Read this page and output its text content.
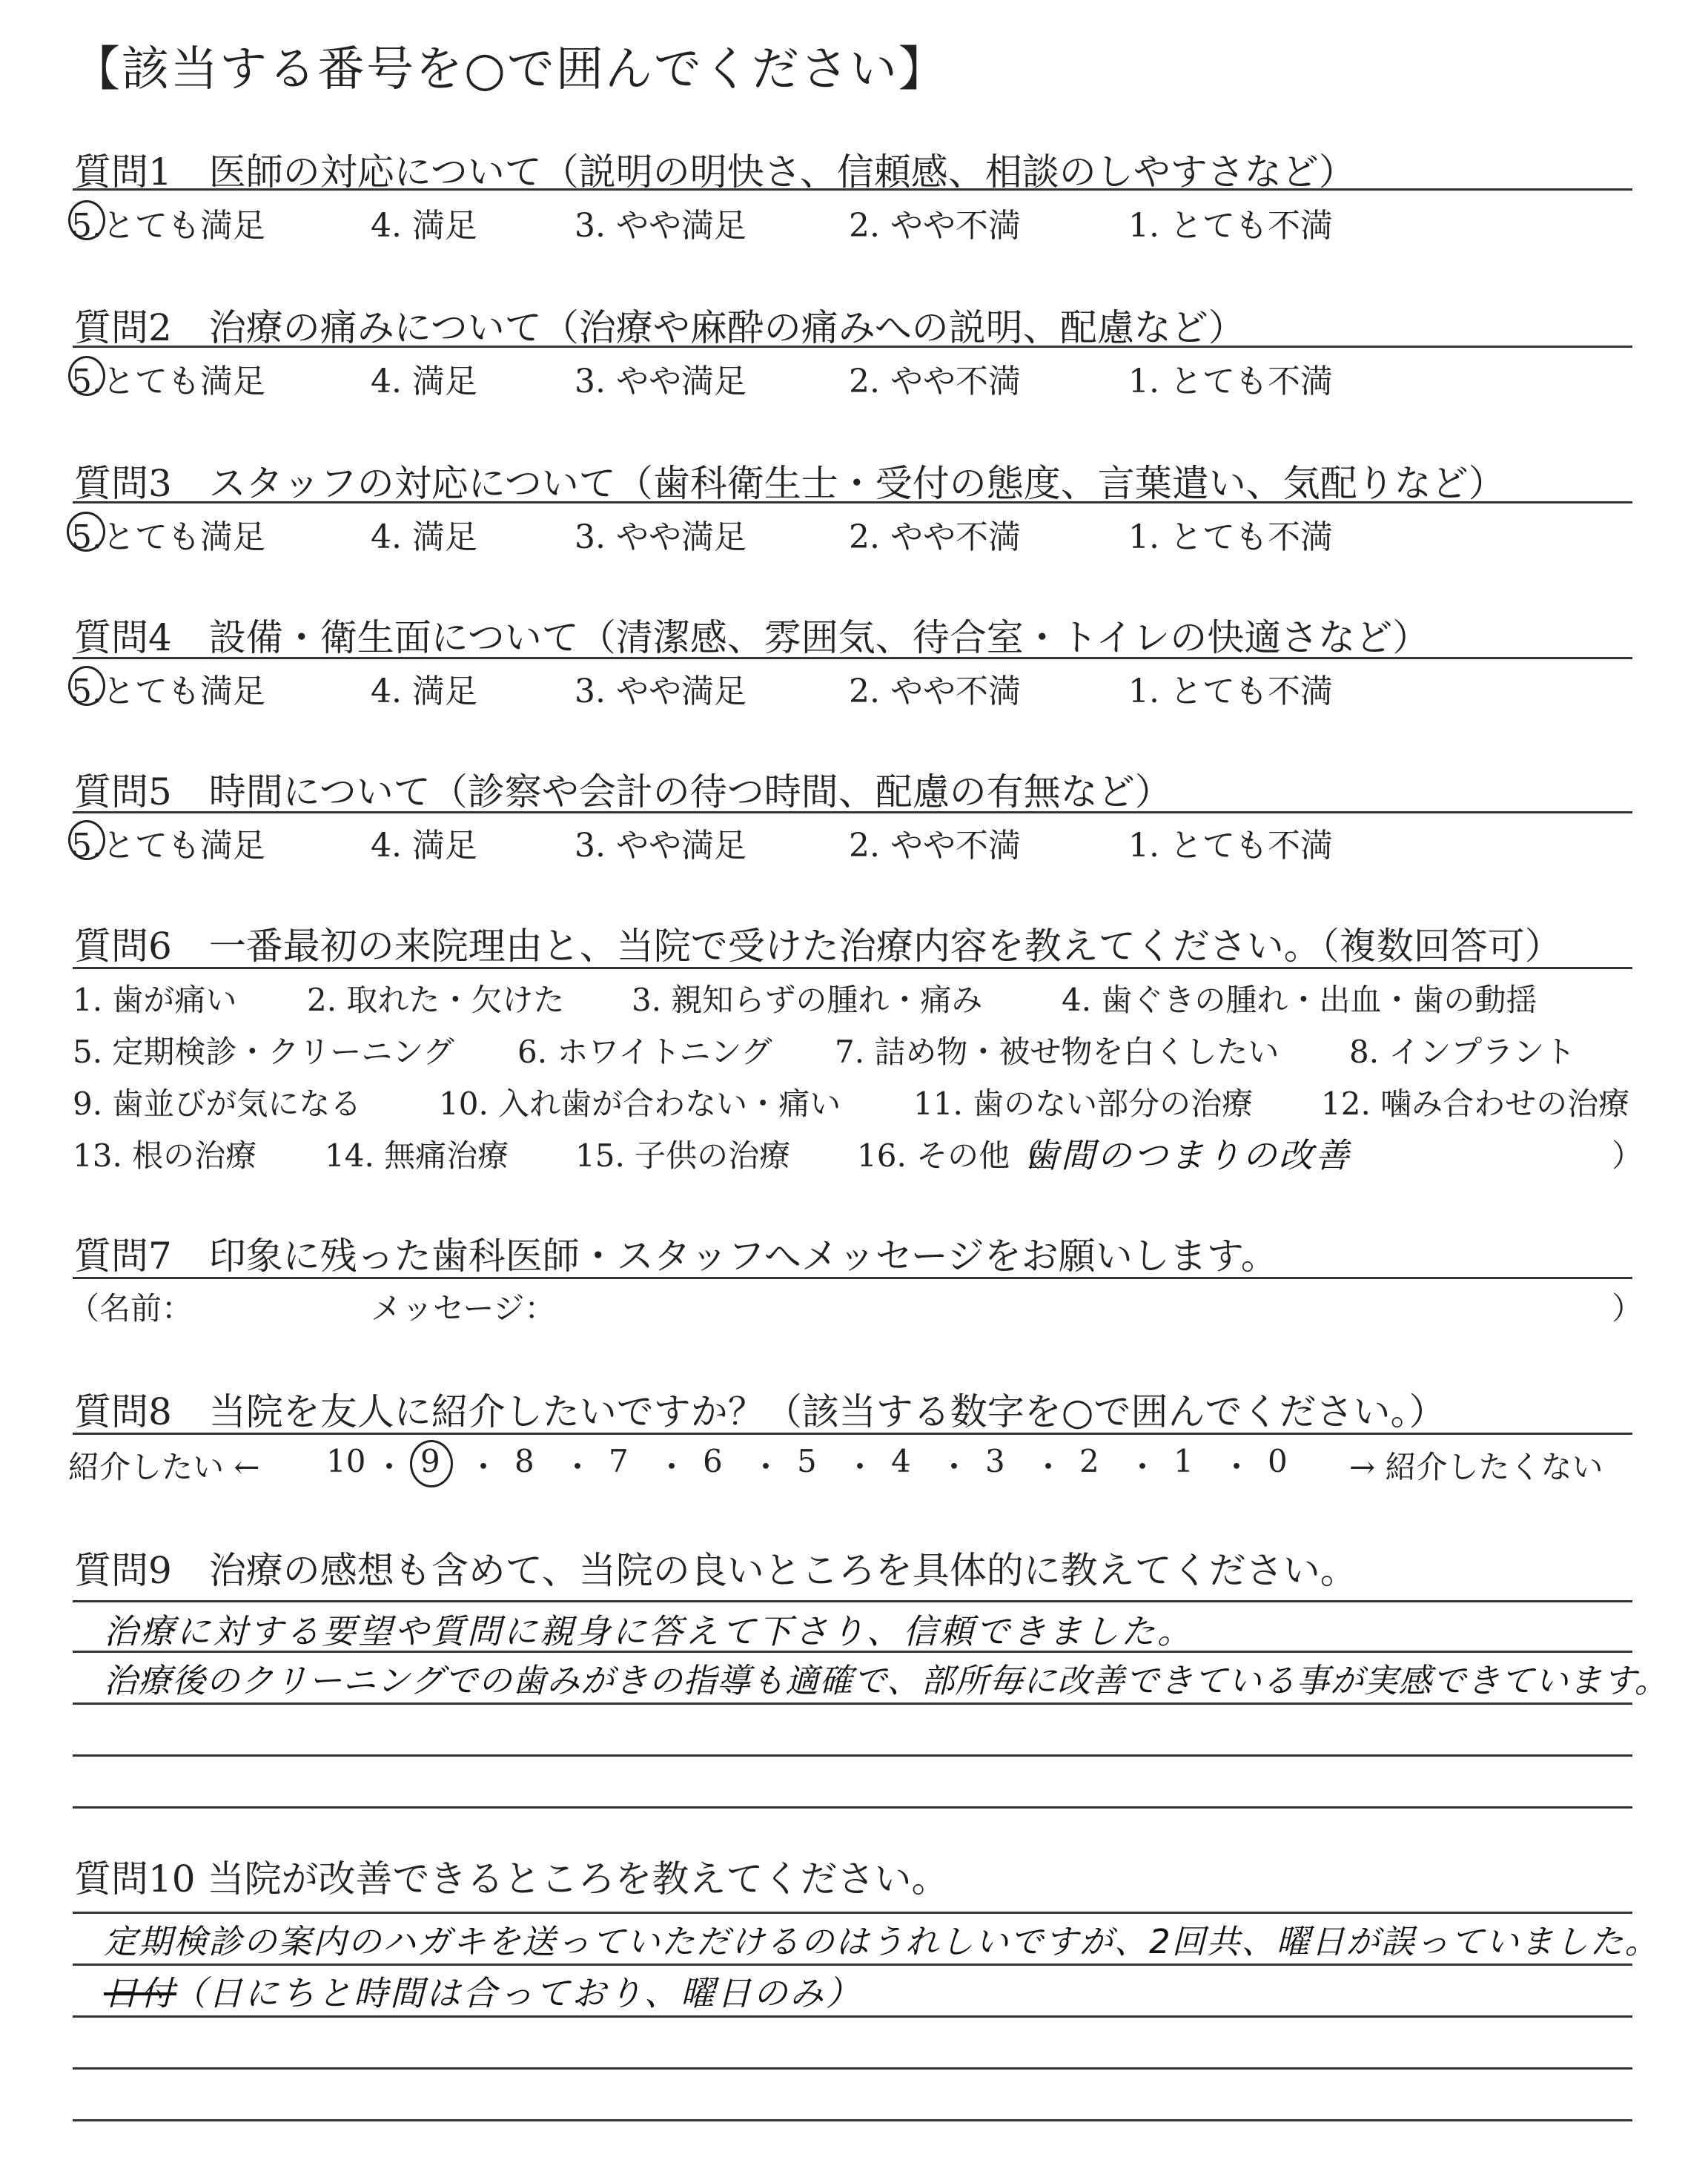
【該当する番号を○で囲んでください】
質問1　医師の対応について（説明の明快さ、信頼感、相談のしやすさなど）
5.とても満足	4. 満足	3. やや満足	2. やや不満	1. とても不満
質問2　治療の痛みについて（治療や麻酔の痛みへの説明、配慮など）
5.とても満足	4. 満足	3. やや満足	2. やや不満	1. とても不満
質問3　スタッフの対応について（歯科衛生士・受付の態度、言葉遣い、気配りなど）
5.とても満足	4. 満足	3. やや満足	2. やや不満	1. とても不満
質問4　設備・衛生面について（清潔感、雰囲気、待合室・トイレの快適さなど）
5.とても満足	4. 満足	3. やや満足	2. やや不満	1. とても不満
質問5　時間について（診察や会計の待つ時間、配慮の有無など）
5.とても満足	4. 満足	3. やや満足	2. やや不満	1. とても不満
質問6　一番最初の来院理由と、当院で受けた治療内容を教えてください。（複数回答可）
1. 歯が痛い 2. 取れた・欠けた 3. 親知らずの腫れ・痛み	4. 歯ぐきの腫れ・出血・歯の動揺
5. 定期検診・クリーニング 6. ホワイトニング 7. 詰め物・被せ物を白くしたい 8. インプラント
9. 歯並びが気になる 10. 入れ歯が合わない・痛い 11. 歯のない部分の治療 12. 噛み合わせの治療
13. 根の治療 14. 無痛治療 15. 子供の治療 16. その他（
歯間のつまりの改善	）
質問7　印象に残った歯科医師・スタッフへメッセージをお願いします。
（名前：	メッセージ：	）
質問8　当院を友人に紹介したいですか？（該当する数字を○で囲んでください。）
紹介したい ← 10 ・ 9 ・ 8 ・ 7 ・ 6 ・ 5 ・ 4 ・ 3 ・ 2 ・ 1 ・ 0 → 紹介したくない
質問9　治療の感想も含めて、当院の良いところを具体的に教えてください。
治療に対する要望や質問に親身に答えて下さり、信頼できました。
治療後のクリーニングでの歯みがきの指導も適確で、部所毎に改善できている事が実感できています。
質問10 当院が改善できるところを教えてください。
定期検診の案内のハガキを送っていただけるのはうれしいですが、2回共、曜日が誤っていました。
日付
（日にちと時間は合っており、曜日のみ）
